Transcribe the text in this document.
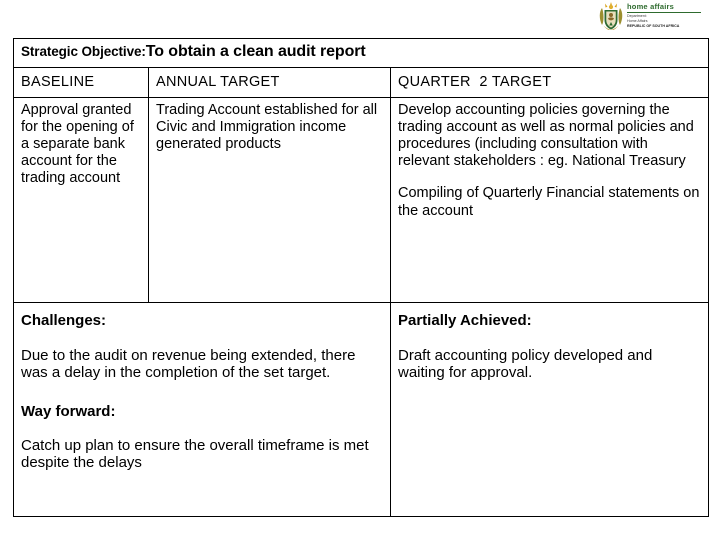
home affairs
Department:
Home Affairs
REPUBLIC OF SOUTH AFRICA
Strategic Objective:To obtain a clean audit report		
BASELINE	ANNUAL TARGET	QUARTER  2 TARGET

Approval granted for the opening of a separate bank account for the trading account	Trading Account established for all Civic and Immigration income generated products	Develop accounting policies governing the trading account as well as normal policies and procedures (including consultation with relevant stakeholders : eg. National Treasury

Compiling of Quarterly Financial statements on the account

Challenges:

Due to the audit on revenue being extended, there was a delay in the completion of the set target.

Way forward:

Catch up plan to ensure the overall timeframe is met despite the delays

Partially Achieved:

Draft accounting policy developed and waiting for approval.
